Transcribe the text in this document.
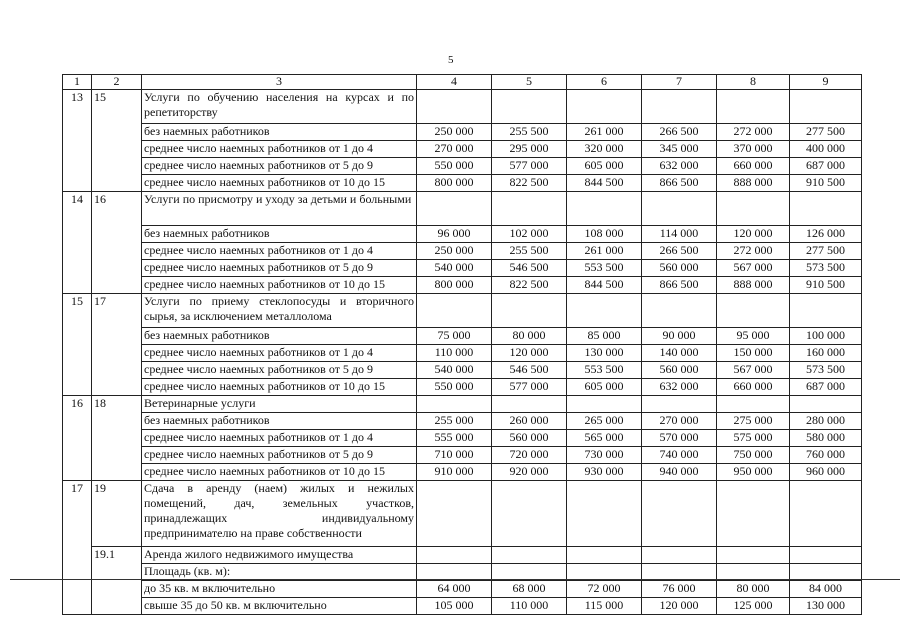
5
1	2	3	4	5	6	7	8	9
13	15	Услуги по обучению населения на курсах и по репетиторству						
		без наемных работников	250 000	255 500	261 000	266 500	272 000	277 500
		среднее число наемных работников от 1 до 4	270 000	295 000	320 000	345 000	370 000	400 000
		среднее число наемных работников от 5 до 9	550 000	577 000	605 000	632 000	660 000	687 000
		среднее число наемных работников от 10 до 15	800 000	822 500	844 500	866 500	888 000	910 500
14	16	Услуги по присмотру и уходу за детьми и больными						
		без наемных работников	96 000	102 000	108 000	114 000	120 000	126 000
		среднее число наемных работников от 1 до 4	250 000	255 500	261 000	266 500	272 000	277 500
		среднее число наемных работников от 5 до 9	540 000	546 500	553 500	560 000	567 000	573 500
		среднее число наемных работников от 10 до 15	800 000	822 500	844 500	866 500	888 000	910 500
15	17	Услуги по приему стеклопосуды и вторичного сырья, за исключением металлолома						
		без наемных работников	75 000	80 000	85 000	90 000	95 000	100 000
		среднее число наемных работников от 1 до 4	110 000	120 000	130 000	140 000	150 000	160 000
		среднее число наемных работников от 5 до 9	540 000	546 500	553 500	560 000	567 000	573 500
		среднее число наемных работников от 10 до 15	550 000	577 000	605 000	632 000	660 000	687 000
16	18	Ветеринарные услуги						
		без наемных работников	255 000	260 000	265 000	270 000	275 000	280 000
		среднее число наемных работников от 1 до 4	555 000	560 000	565 000	570 000	575 000	580 000
		среднее число наемных работников от 5 до 9	710 000	720 000	730 000	740 000	750 000	760 000
		среднее число наемных работников от 10 до 15	910 000	920 000	930 000	940 000	950 000	960 000
17	19	Сдача в аренду (наем) жилых и нежилых помещений, дач, земельных участков, принадлежащих индивидуальному предпринимателю на праве собственности						
	19.1	Аренда жилого недвижимого имущества						
		Площадь (кв. м):						
		до 35 кв. м включительно	64 000	68 000	72 000	76 000	80 000	84 000
		свыше 35 до 50 кв. м включительно	105 000	110 000	115 000	120 000	125 000	130 000
